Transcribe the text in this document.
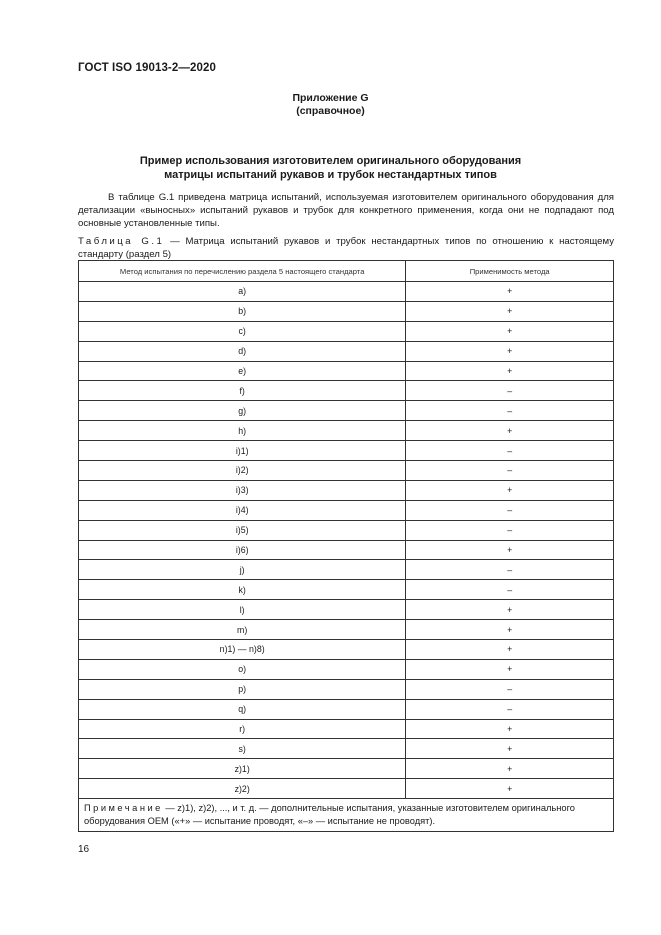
ГОСТ ISO 19013-2—2020
Приложение G
(справочное)
Пример использования изготовителем оригинального оборудования
матрицы испытаний рукавов и трубок нестандартных типов
В таблице G.1 приведена матрица испытаний, используемая изготовителем оригинального оборудования для детализации «выносных» испытаний рукавов и трубок для конкретного применения, когда они не подпадают под основные установленные типы.
Таблица G.1 — Матрица испытаний рукавов и трубок нестандартных типов по отношению к настоящему стандарту (раздел 5)
Метод испытания по перечислению раздела 5 настоящего стандарта	Применимость метода
a)	+
b)	+
c)	+
d)	+
e)	+
f)	–
g)	–
h)	+
i)1)	–
i)2)	–
i)3)	+
i)4)	–
i)5)	–
i)6)	+
j)	–
k)	–
l)	+
m)	+
n)1) — n)8)	+
o)	+
p)	–
q)	–
r)	+
s)	+
z)1)	+
z)2)	+
Примечание — z)1), z)2), ..., и т. д. — дополнительные испытания, указанные изготовителем оригинального оборудования OEM («+» — испытание проводят, «–» — испытание не проводят).	
16
